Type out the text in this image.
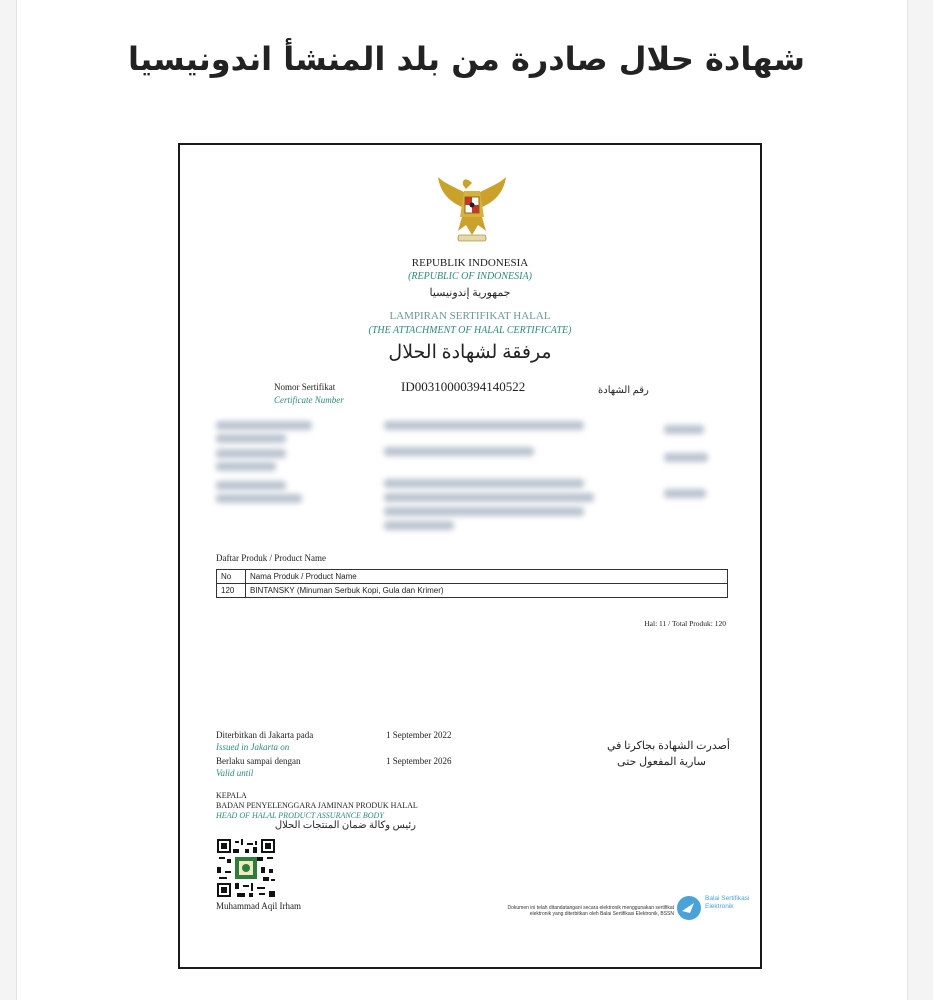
شهادة حلال صادرة من بلد المنشأ اندونيسيا
REPUBLIK INDONESIA
(REPUBLIC OF INDONESIA)
جمهورية إندونيسيا
LAMPIRAN SERTIFIKAT HALAL
(THE ATTACHMENT OF HALAL CERTIFICATE)
مرفقة لشهادة الحلال
Nomor Sertifikat
Certificate Number
ID00310000394140522	رقم الشهادة
Daftar Produk / Product Name
No	Nama Produk / Product Name
120	BINTANSKY (Minuman Serbuk Kopi, Gula dan Krimer)
Hal: 11 / Total Produk: 120
Diterbitkan di Jakarta pada
Issued in Jakarta on
1 September 2022
أصدرت الشهادة بجاكرتا في
Berlaku sampai dengan
Valid until
1 September 2026	سارية المفعول حتى
KEPALA
BADAN PENYELENGGARA JAMINAN PRODUK HALAL
HEAD OF HALAL PRODUCT ASSURANCE BODY
رئيس وكالة ضمان المنتجات الحلال
Muhammad Aqil Irham	Dokumen ini telah ditandatangani secara elektronik menggunakan sertifikat
elektronik yang diterbitkan oleh Balai Sertifikasi Elektronik, BSSN
Balai Sertifikasi Elektronik
